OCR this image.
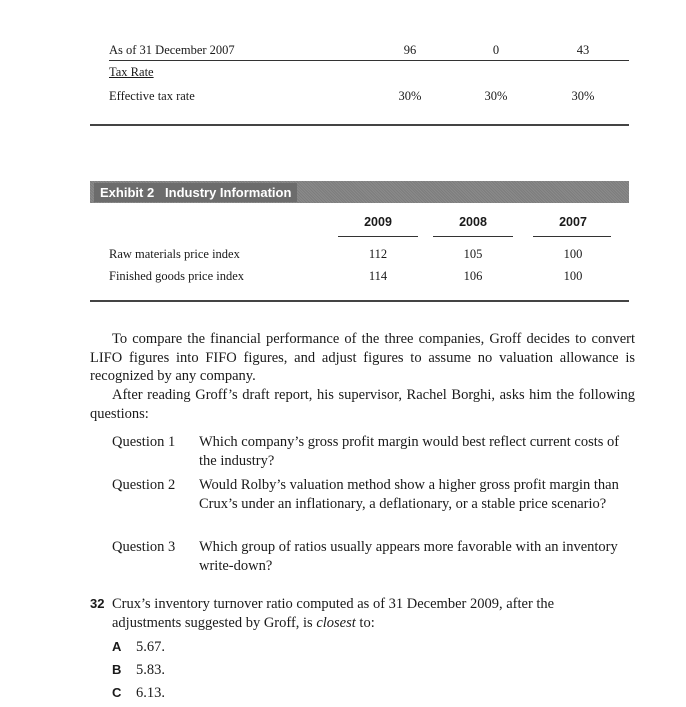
As of 31 December 2007	96	0	43
Tax Rate
Effective tax rate	30%	30%	30%
Exhibit 2 Industry Information
2009	2008	2007
Raw materials price index	112	105	100
Finished goods price index	114	106	100

To compare the financial performance of the three companies, Groff decides to convert LIFO figures into FIFO figures, and adjust figures to assume no valuation allowance is recognized by any company.

After reading Groff’s draft report, his supervisor, Rachel Borghi, asks him the following questions:

Question 1 Which company’s gross profit margin would best reflect current costs of the industry?
Question 2 Would Rolby’s valuation method show a higher gross profit margin than Crux’s under an inflationary, a deflationary, or a stable price scenario?
Question 3 Which group of ratios usually appears more favorable with an inventory write-down?
32 Crux’s inventory turnover ratio computed as of 31 December 2009, after the adjustments suggested by Groff, is closest to:

A 5.67.
B 5.83.
C 6.13.
